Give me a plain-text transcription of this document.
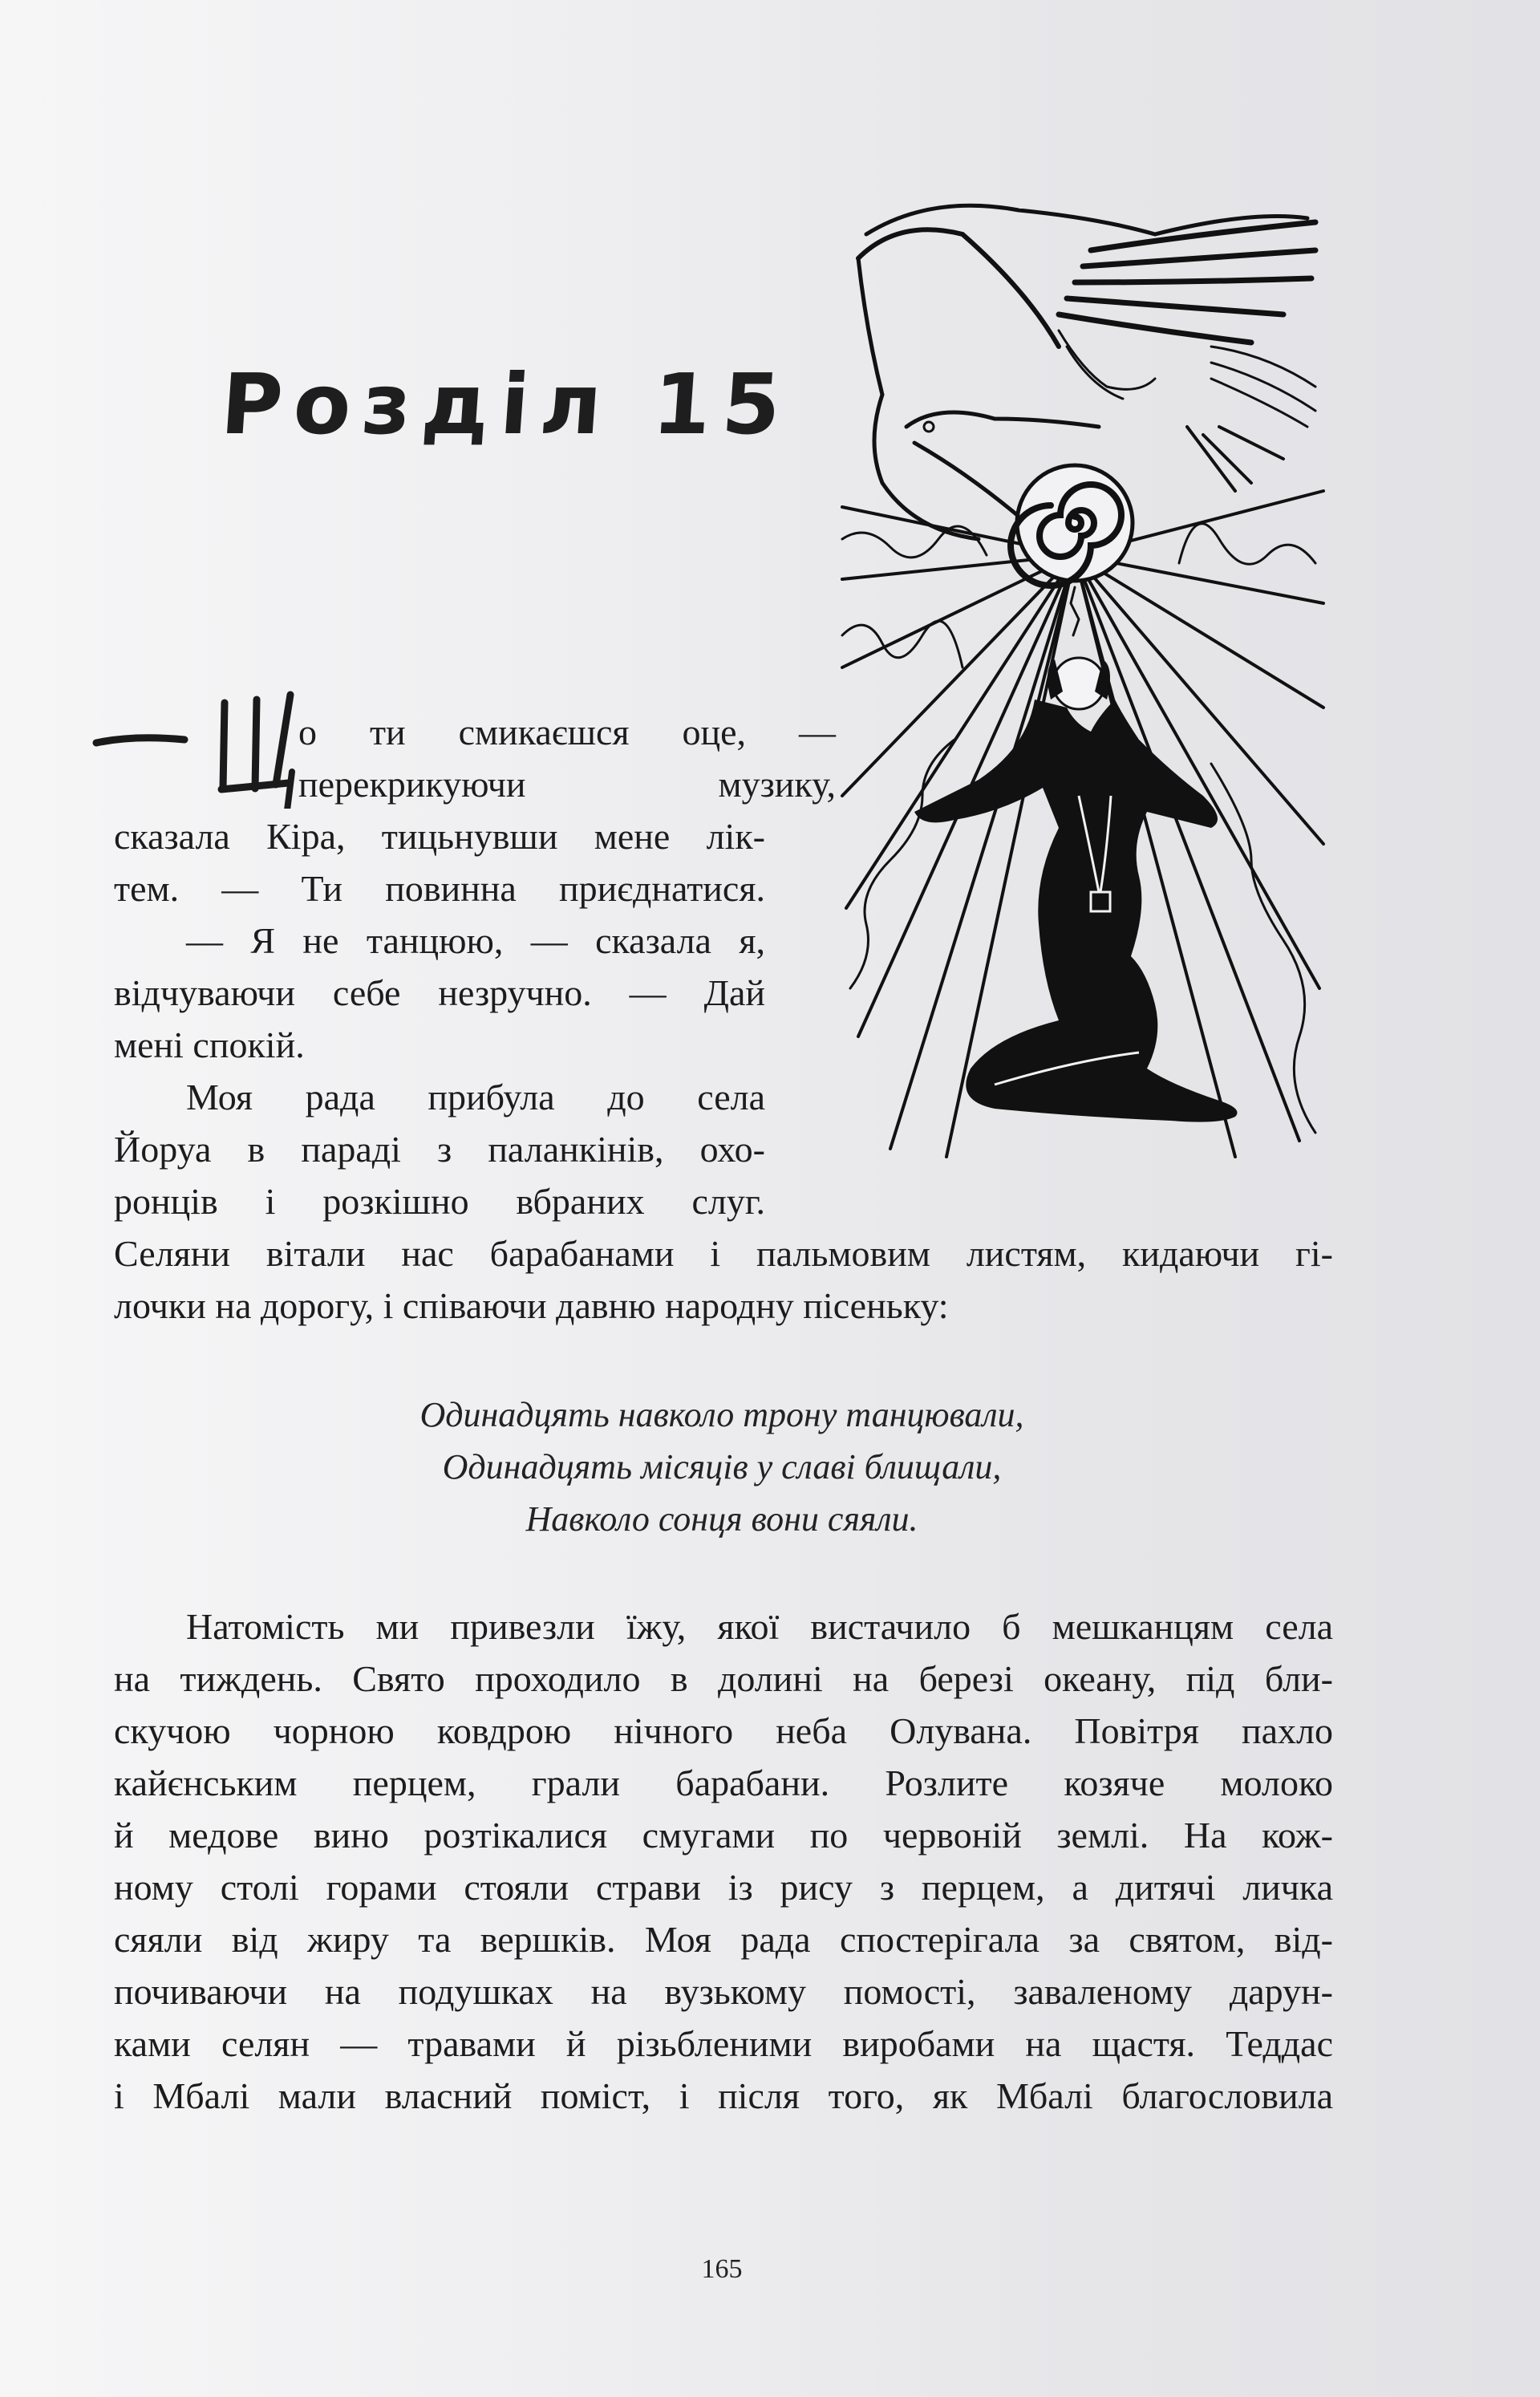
Розділ 15
о ти смикаєшся оце, —
перекрикуючи музику,
сказала Кіра, тицьнувши мене лік-
тем. — Ти повинна приєднатися.
— Я не танцюю, — сказала я,
відчуваючи себе незручно. — Дай
мені спокій.
Моя рада прибула до села
Йоруа в параді з паланкінів, охо-
ронців і розкішно вбраних слуг.
Селяни вітали нас барабанами і пальмовим листям, кидаючи гі-
лочки на дорогу, і співаючи давню народну пісеньку:
Одинадцять навколо трону танцювали,
Одинадцять місяців у славі блищали,
Навколо сонця вони сяяли.
Натомість ми привезли їжу, якої вистачило б мешканцям села
на тиждень. Свято проходило в долині на березі океану, під бли-
скучою чорною ковдрою нічного неба Олувана. Повітря пахло
кайєнським перцем, грали барабани. Розлите козяче молоко
й медове вино розтікалися смугами по червоній землі. На кож-
ному столі горами стояли страви із рису з перцем, а дитячі личка
сяяли від жиру та вершків. Моя рада спостерігала за святом, від-
почиваючи на подушках на вузькому помості, заваленому дарун-
ками селян — травами й різьбленими виробами на щастя. Теддас
і Мбалі мали власний поміст, і після того, як Мбалі благословила
165
